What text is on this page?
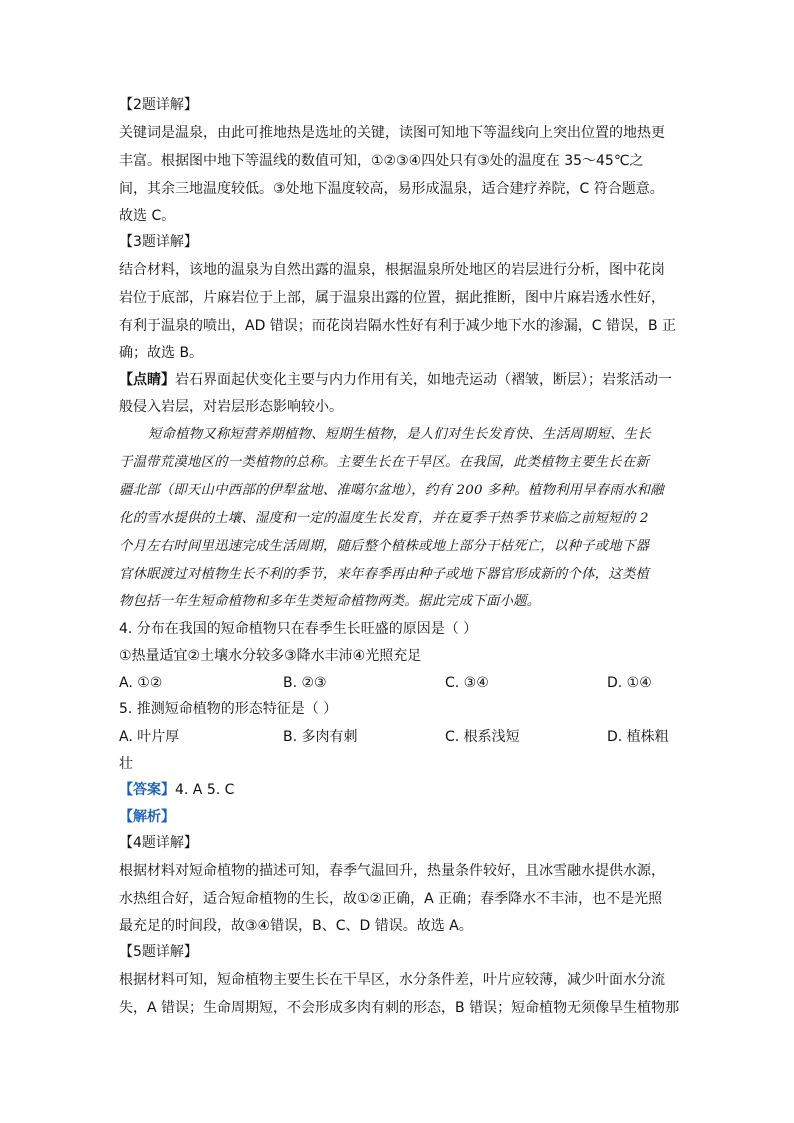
【2题详解】
关键词是温泉，由此可推地热是选址的关键，读图可知地下等温线向上突出位置的地热更
丰富。根据图中地下等温线的数值可知，①②③④四处只有③处的温度在 35～45℃之
间，其余三地温度较低。③处地下温度较高，易形成温泉，适合建疗养院，C 符合题意。
故选 C。
【3题详解】
结合材料，该地的温泉为自然出露的温泉，根据温泉所处地区的岩层进行分析，图中花岗
岩位于底部，片麻岩位于上部，属于温泉出露的位置，据此推断，图中片麻岩透水性好，
有利于温泉的喷出，AD 错误；而花岗岩隔水性好有利于减少地下水的渗漏，C 错误，B 正
确；故选 B。
【点睛】岩石界面起伏变化主要与内力作用有关，如地壳运动（褶皱，断层）；岩浆活动一
般侵入岩层，对岩层形态影响较小。
短命植物又称短营养期植物、短期生植物，是人们对生长发育快、生活周期短、生长
于温带荒漠地区的一类植物的总称。主要生长在干旱区。在我国，此类植物主要生长在新
疆北部（即天山中西部的伊犁盆地、准噶尔盆地），约有 200 多种。植物利用早春雨水和融
化的雪水提供的土壤、湿度和一定的温度生长发育，并在夏季干热季节来临之前短短的 2
个月左右时间里迅速完成生活周期，随后整个植株或地上部分干枯死亡，以种子或地下器
官休眠渡过对植物生长不利的季节，来年春季再由种子或地下器官形成新的个体，这类植
物包括一年生短命植物和多年生类短命植物两类。据此完成下面小题。
4. 分布在我国的短命植物只在春季生长旺盛的原因是（ ）
①热量适宜②土壤水分较多③降水丰沛④光照充足
A. ①②	B. ②③	C. ③④	D. ①④
5. 推测短命植物的形态特征是（ ）
A. 叶片厚	B. 多肉有刺	C. 根系浅短	D. 植株粗
壮
【答案】4. A 5. C
【解析】
【4题详解】
根据材料对短命植物的描述可知，春季气温回升，热量条件较好，且冰雪融水提供水源，
水热组合好，适合短命植物的生长，故①②正确，A 正确；春季降水不丰沛，也不是光照
最充足的时间段，故③④错误，B、C、D 错误。故选 A。
【5题详解】
根据材料可知，短命植物主要生长在干旱区，水分条件差，叶片应较薄，减少叶面水分流
失，A 错误；生命周期短，不会形成多肉有刺的形态，B 错误；短命植物无须像旱生植物那
